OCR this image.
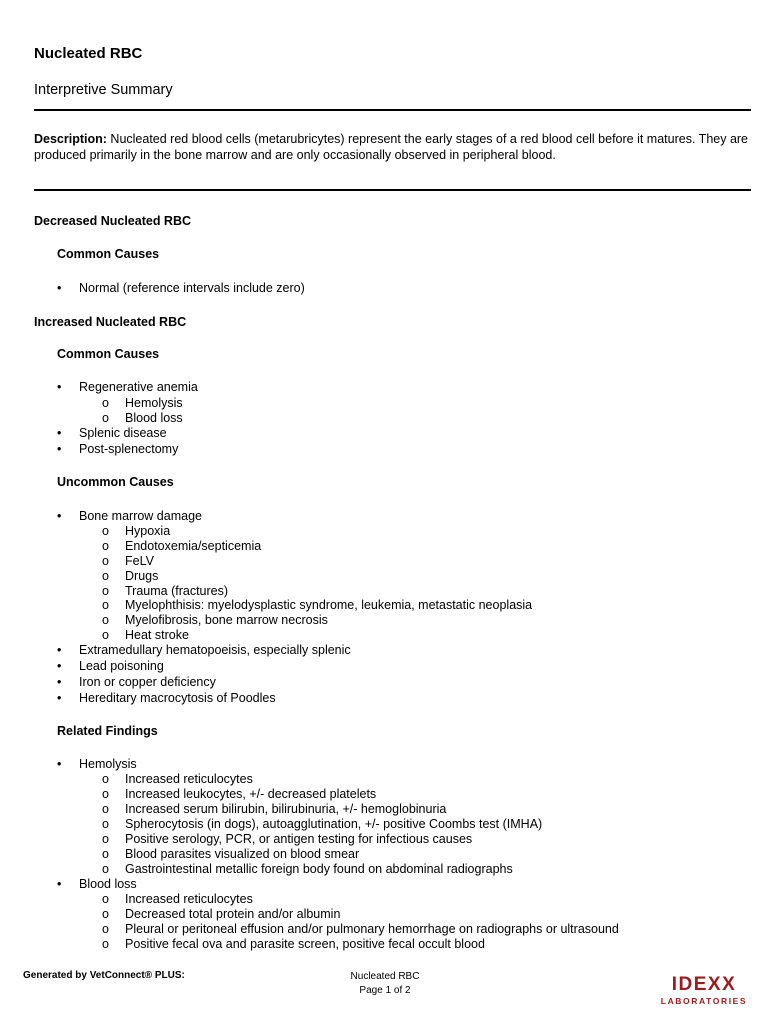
Nucleated RBC
Interpretive Summary
Description: Nucleated red blood cells (metarubricytes) represent the early stages of a red blood cell before it matures. They are produced primarily in the bone marrow and are only occasionally observed in peripheral blood.
Decreased Nucleated RBC
Common Causes
• Normal (reference intervals include zero)
Increased Nucleated RBC
Common Causes
• Regenerative anemia
o Hemolysis
o Blood loss
• Splenic disease
• Post-splenectomy
Uncommon Causes
• Bone marrow damage
o Hypoxia
o Endotoxemia/septicemia
o FeLV
o Drugs
o Trauma (fractures)
o Myelophthisis: myelodysplastic syndrome, leukemia, metastatic neoplasia
o Myelofibrosis, bone marrow necrosis
o Heat stroke
• Extramedullary hematopoeisis, especially splenic
• Lead poisoning
• Iron or copper deficiency
• Hereditary macrocytosis of Poodles
Related Findings
• Hemolysis
o Increased reticulocytes
o Increased leukocytes, +/- decreased platelets
o Increased serum bilirubin, bilirubinuria, +/- hemoglobinuria
o Spherocytosis (in dogs), autoagglutination, +/- positive Coombs test (IMHA)
o Positive serology, PCR, or antigen testing for infectious causes
o Blood parasites visualized on blood smear
o Gastrointestinal metallic foreign body found on abdominal radiographs
• Blood loss
o Increased reticulocytes
o Decreased total protein and/or albumin
o Pleural or peritoneal effusion and/or pulmonary hemorrhage on radiographs or ultrasound
o Positive fecal ova and parasite screen, positive fecal occult blood
Generated by VetConnect® PLUS:	Nucleated RBC
Page 1 of 2	IDEXX
LABORATORIES
